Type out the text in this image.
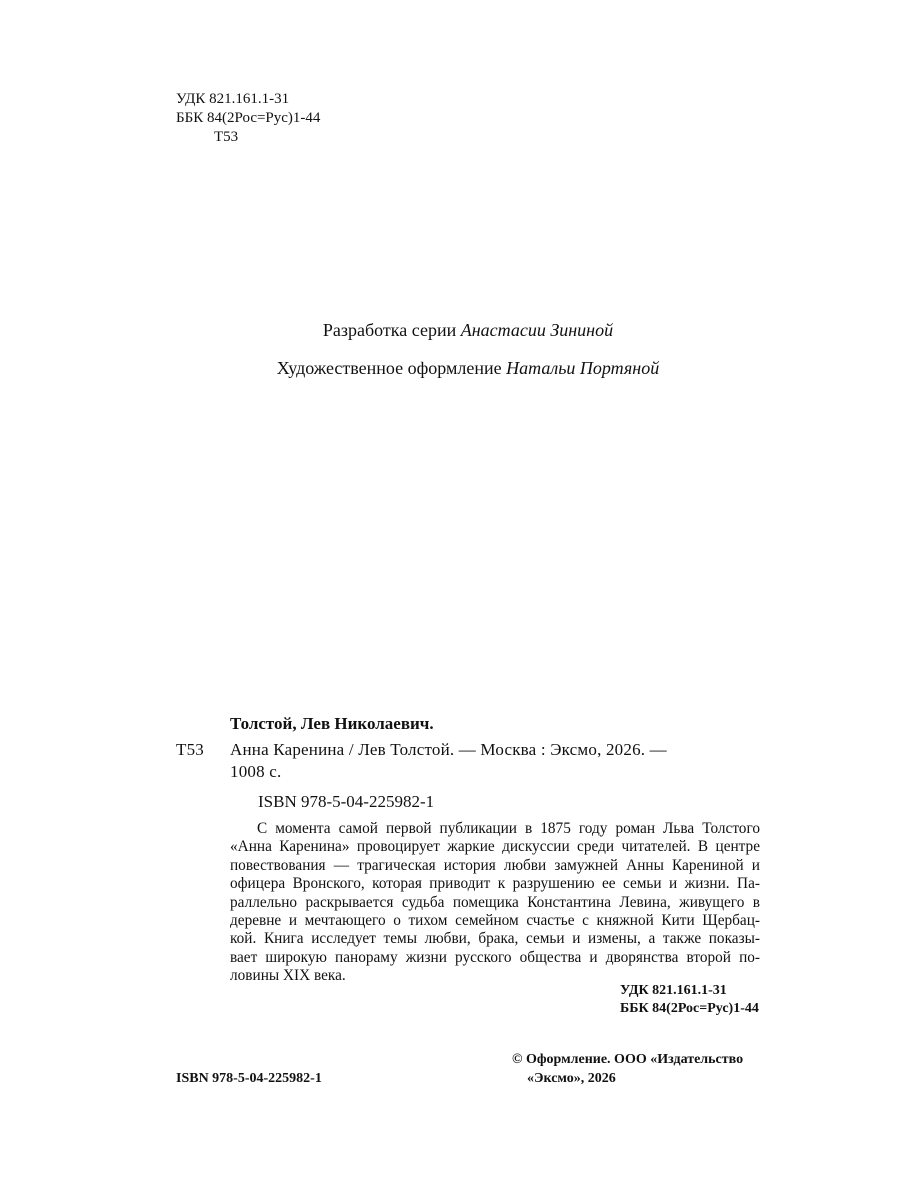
УДК 821.161.1-31
ББК 84(2Рос=Рус)1-44
Т53
Разработка серии Анастасии Зининой
Художественное оформление Натальи Портяной
Толстой, Лев Николаевич.
Т53 Анна Каренина / Лев Толстой. — Москва : Эксмо, 2026. —
1008 с.
ISBN 978-5-04-225982-1
С момента самой первой публикации в 1875 году роман Льва Толстого
«Анна Каренина» провоцирует жаркие дискуссии среди читателей. В центре
повествования — трагическая история любви замужней Анны Карениной и
офицера Вронского, которая приводит к разрушению ее семьи и жизни. Па-
раллельно раскрывается судьба помещика Константина Левина, живущего в
деревне и мечтающего о тихом семейном счастье с княжной Кити Щербац-
кой. Книга исследует темы любви, брака, семьи и измены, а также показы-
вает широкую панораму жизни русского общества и дворянства второй по-
ловины XIX века.
УДК 821.161.1-31
ББК 84(2Рос=Рус)1-44
ISBN 978-5-04-225982-1
© Оформление. ООО «Издательство
«Эксмо», 2026
